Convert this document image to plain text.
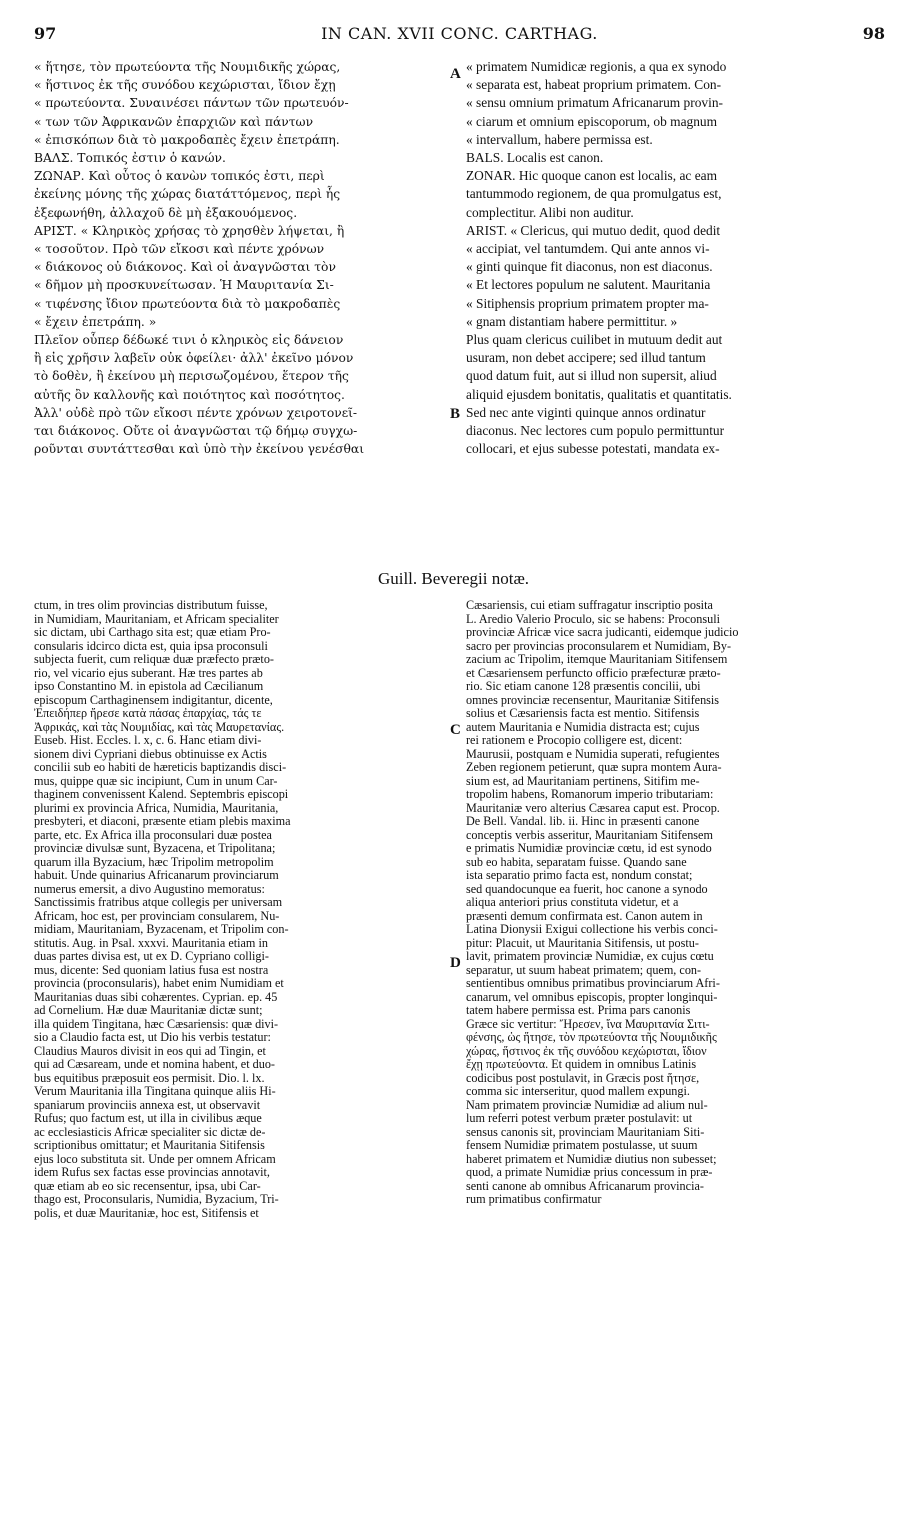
97	IN CAN. XVII CONC. CARTHAG.	98
« ἥτησε, τὸν πρωτεύοντα τῆς Νουμιδικῆς χώρας,
« ἥστινος ἐκ τῆς συνόδου κεχώρισται, ἴδιον ἔχῃ
« πρωτεύοντα. Συναινέσει πάντων τῶν πρωτευόν-
« των τῶν Ἀφρικανῶν ἐπαρχιῶν καὶ πάντων
« ἐπισκόπων διὰ τὸ μακροδαπὲς ἔχειν ἐπετράπη.
ΒΑΛΣ. Τοπικός ἐστιν ὁ κανών.
ΖΩΝΑΡ. Καὶ οὗτος ὁ κανὼν τοπικός ἐστι, περὶ
ἐκείνης μόνης τῆς χώρας διατάττόμενος, περὶ ἧς
ἐξεφωνήθη, ἀλλαχοῦ δὲ μὴ ἐξακουόμενος.
ΑΡΙΣΤ. « Κληρικὸς χρήσας τὸ χρησθὲν λήψεται, ἢ
« τοσοῦτον. Πρὸ τῶν εἴκοσι καὶ πέντε χρόνων
« διάκονος οὐ διάκονος. Καὶ οἱ ἀναγνῶσται τὸν
« δῆμον μὴ προσκυνείτωσαν. Ἡ Μαυριτανία Σι-
« τιφένσης ἴδιον πρωτεύοντα διὰ τὸ μακροδαπὲς
« ἔχειν ἐπετράπη. »
Πλεῖον οὗπερ δέδωκέ τινι ὁ κληρικὸς εἰς δάνειον
ἢ εἰς χρῆσιν λαβεῖν οὐκ ὀφείλει· ἀλλ' ἐκεῖνο μόνον
τὸ δοθὲν, ἢ ἐκείνου μὴ περισωζομένου, ἕτερον τῆς
αὐτῆς ὂν καλλονῆς καὶ ποιότητος καὶ ποσότητος.
Ἀλλ' οὐδὲ πρὸ τῶν εἴκοσι πέντε χρόνων χειροτονεῖ-
ται διάκονος. Οὔτε οἱ ἀναγνῶσται τῷ δήμῳ συγχω-
ροῦνται συντάττεσθαι καὶ ὑπὸ τὴν ἐκείνου γενέσθαι
« primatem Numidicæ regionis, a qua ex synodo
« separata est, habeat proprium primatem. Con-
« sensu omnium primatum Africanarum provin-
« ciarum et omnium episcoporum, ob magnum
« intervallum, habere permissa est.
BALS. Localis est canon.
ZONAR. Hic quoque canon est localis, ac eam
tantummodo regionem, de qua promulgatus est,
complectitur. Alibi non auditur.
ARIST. « Clericus, qui mutuo dedit, quod dedit
« accipiat, vel tantumdem. Qui ante annos vi-
« ginti quinque fit diaconus, non est diaconus.
« Et lectores populum ne salutent. Mauritania
« Sitiphensis proprium primatem propter ma-
« gnam distantiam habere permittitur. »
Plus quam clericus cuilibet in mutuum dedit aut
usuram, non debet accipere; sed illud tantum
quod datum fuit, aut si illud non supersit, aliud
aliquid ejusdem bonitatis, qualitatis et quantitatis.
Sed nec ante viginti quinque annos ordinatur
diaconus. Nec lectores cum populo permittuntur
collocari, et ejus subesse potestati, mandata ex-
A
B
C
D
Guill. Beveregii notæ.
ctum, in tres olim provincias distributum fuisse,
in Numidiam, Mauritaniam, et Africam specialiter
sic dictam, ubi Carthago sita est; quæ etiam Pro-
consularis idcirco dicta est, quia ipsa proconsuli
subjecta fuerit, cum reliquæ duæ præfecto præto-
rio, vel vicario ejus suberant. Hæ tres partes ab
ipso Constantino M. in epistola ad Cæcilianum
episcopum Carthaginensem indigitantur, dicente,
Ἐπειδήπερ ἤρεσε κατὰ πάσας ἐπαρχίας, τάς τε
Ἀφρικάς, καὶ τὰς Νουμιδίας, καὶ τὰς Μαυρετανίας.
Euseb. Hist. Eccles. l. x, c. 6. Hanc etiam divi-
sionem divi Cypriani diebus obtinuisse ex Actis
concilii sub eo habiti de hæreticis baptizandis disci-
mus, quippe quæ sic incipiunt, Cum in unum Car-
thaginem convenissent Kalend. Septembris episcopi
plurimi ex provincia Africa, Numidia, Mauritania,
presbyteri, et diaconi, præsente etiam plebis maxima
parte, etc. Ex Africa illa proconsulari duæ postea
provinciæ divulsæ sunt, Byzacena, et Tripolitana;
quarum illa Byzacium, hæc Tripolim metropolim
habuit. Unde quinarius Africanarum provinciarum
numerus emersit, a divo Augustino memoratus:
Sanctissimis fratribus atque collegis per universam
Africam, hoc est, per provinciam consularem, Nu-
midiam, Mauritaniam, Byzacenam, et Tripolim con-
stitutis. Aug. in Psal. xxxvi. Mauritania etiam in
duas partes divisa est, ut ex D. Cypriano colligi-
mus, dicente: Sed quoniam latius fusa est nostra
provincia (proconsularis), habet enim Numidiam et
Mauritanias duas sibi cohærentes. Cyprian. ep. 45
ad Cornelium. Hæ duæ Mauritaniæ dictæ sunt;
illa quidem Tingitana, hæc Cæsariensis: quæ divi-
sio a Claudio facta est, ut Dio his verbis testatur:
Claudius Mauros divisit in eos qui ad Tingin, et
qui ad Cæsaream, unde et nomina habent, et duo-
bus equitibus præposuit eos permisit. Dio. l. lx.
Verum Mauritania illa Tingitana quinque aliis Hi-
spaniarum provinciis annexa est, ut observavit
Rufus; quo factum est, ut illa in civilibus æque
ac ecclesiasticis Africæ specialiter sic dictæ de-
scriptionibus omittatur; et Mauritania Sitifensis
ejus loco substituta sit. Unde per omnem Africam
idem Rufus sex factas esse provincias annotavit,
quæ etiam ab eo sic recensentur, ipsa, ubi Car-
thago est, Proconsularis, Numidia, Byzacium, Tri-
polis, et duæ Mauritaniæ, hoc est, Sitifensis et
Cæsariensis, cui etiam suffragatur inscriptio posita
L. Aredio Valerio Proculo, sic se habens: Proconsuli
provinciæ Africæ vice sacra judicanti, eidemque judicio
sacro per provincias proconsularem et Numidiam, By-
zacium ac Tripolim, itemque Mauritaniam Sitifensem
et Cæsariensem perfuncto officio præfecturæ præto-
rio. Sic etiam canone 128 præsentis concilii, ubi
omnes provinciæ recensentur, Mauritaniæ Sitifensis
solius et Cæsariensis facta est mentio. Sitifensis
autem Mauritania e Numidia distracta est; cujus
rei rationem e Procopio colligere est, dicent:
Maurusii, postquam e Numidia superati, refugientes
Zeben regionem petierunt, quæ supra montem Aura-
sium est, ad Mauritaniam pertinens, Sitifim me-
tropolim habens, Romanorum imperio tributariam:
Mauritaniæ vero alterius Cæsarea caput est. Procop.
De Bell. Vandal. lib. ii. Hinc in præsenti canone
conceptis verbis asseritur, Mauritaniam Sitifensem
e primatis Numidiæ provinciæ cœtu, id est synodo
sub eo habita, separatam fuisse. Quando sane
ista separatio primo facta est, nondum constat;
sed quandocunque ea fuerit, hoc canone a synodo
aliqua anteriori prius constituta videtur, et a
præsenti demum confirmata est. Canon autem in
Latina Dionysii Exigui collectione his verbis conci-
pitur: Placuit, ut Mauritania Sitifensis, ut postu-
lavit, primatem provinciæ Numidiæ, ex cujus cœtu
separatur, ut suum habeat primatem; quem, con-
sentientibus omnibus primatibus provinciarum Afri-
canarum, vel omnibus episcopis, propter longinqui-
tatem habere permissa est. Prima pars canonis
Græce sic vertitur: Ἤρεσεν, ἵνα Μαυριτανία Σιτι-
φένσης, ὡς ἥτησε, τὸν πρωτεύοντα τῆς Νουμιδικῆς
χώρας, ἥστινος ἐκ τῆς συνόδου κεχώρισται, ἴδιον
ἔχῃ πρωτεύοντα. Et quidem in omnibus Latinis
codicibus post postulavit, in Græcis post ἥτησε,
comma sic interseritur, quod mallem expungi.
Nam primatem provinciæ Numidiæ ad alium nul-
lum referri potest verbum præter postulavit: ut
sensus canonis sit, provinciam Mauritaniam Siti-
fensem Numidiæ primatem postulasse, ut suum
haberet primatem et Numidiæ diutius non subesset;
quod, a primate Numidiæ prius concessum in præ-
senti canone ab omnibus Africanarum provincia-
rum primatibus confirmatur
